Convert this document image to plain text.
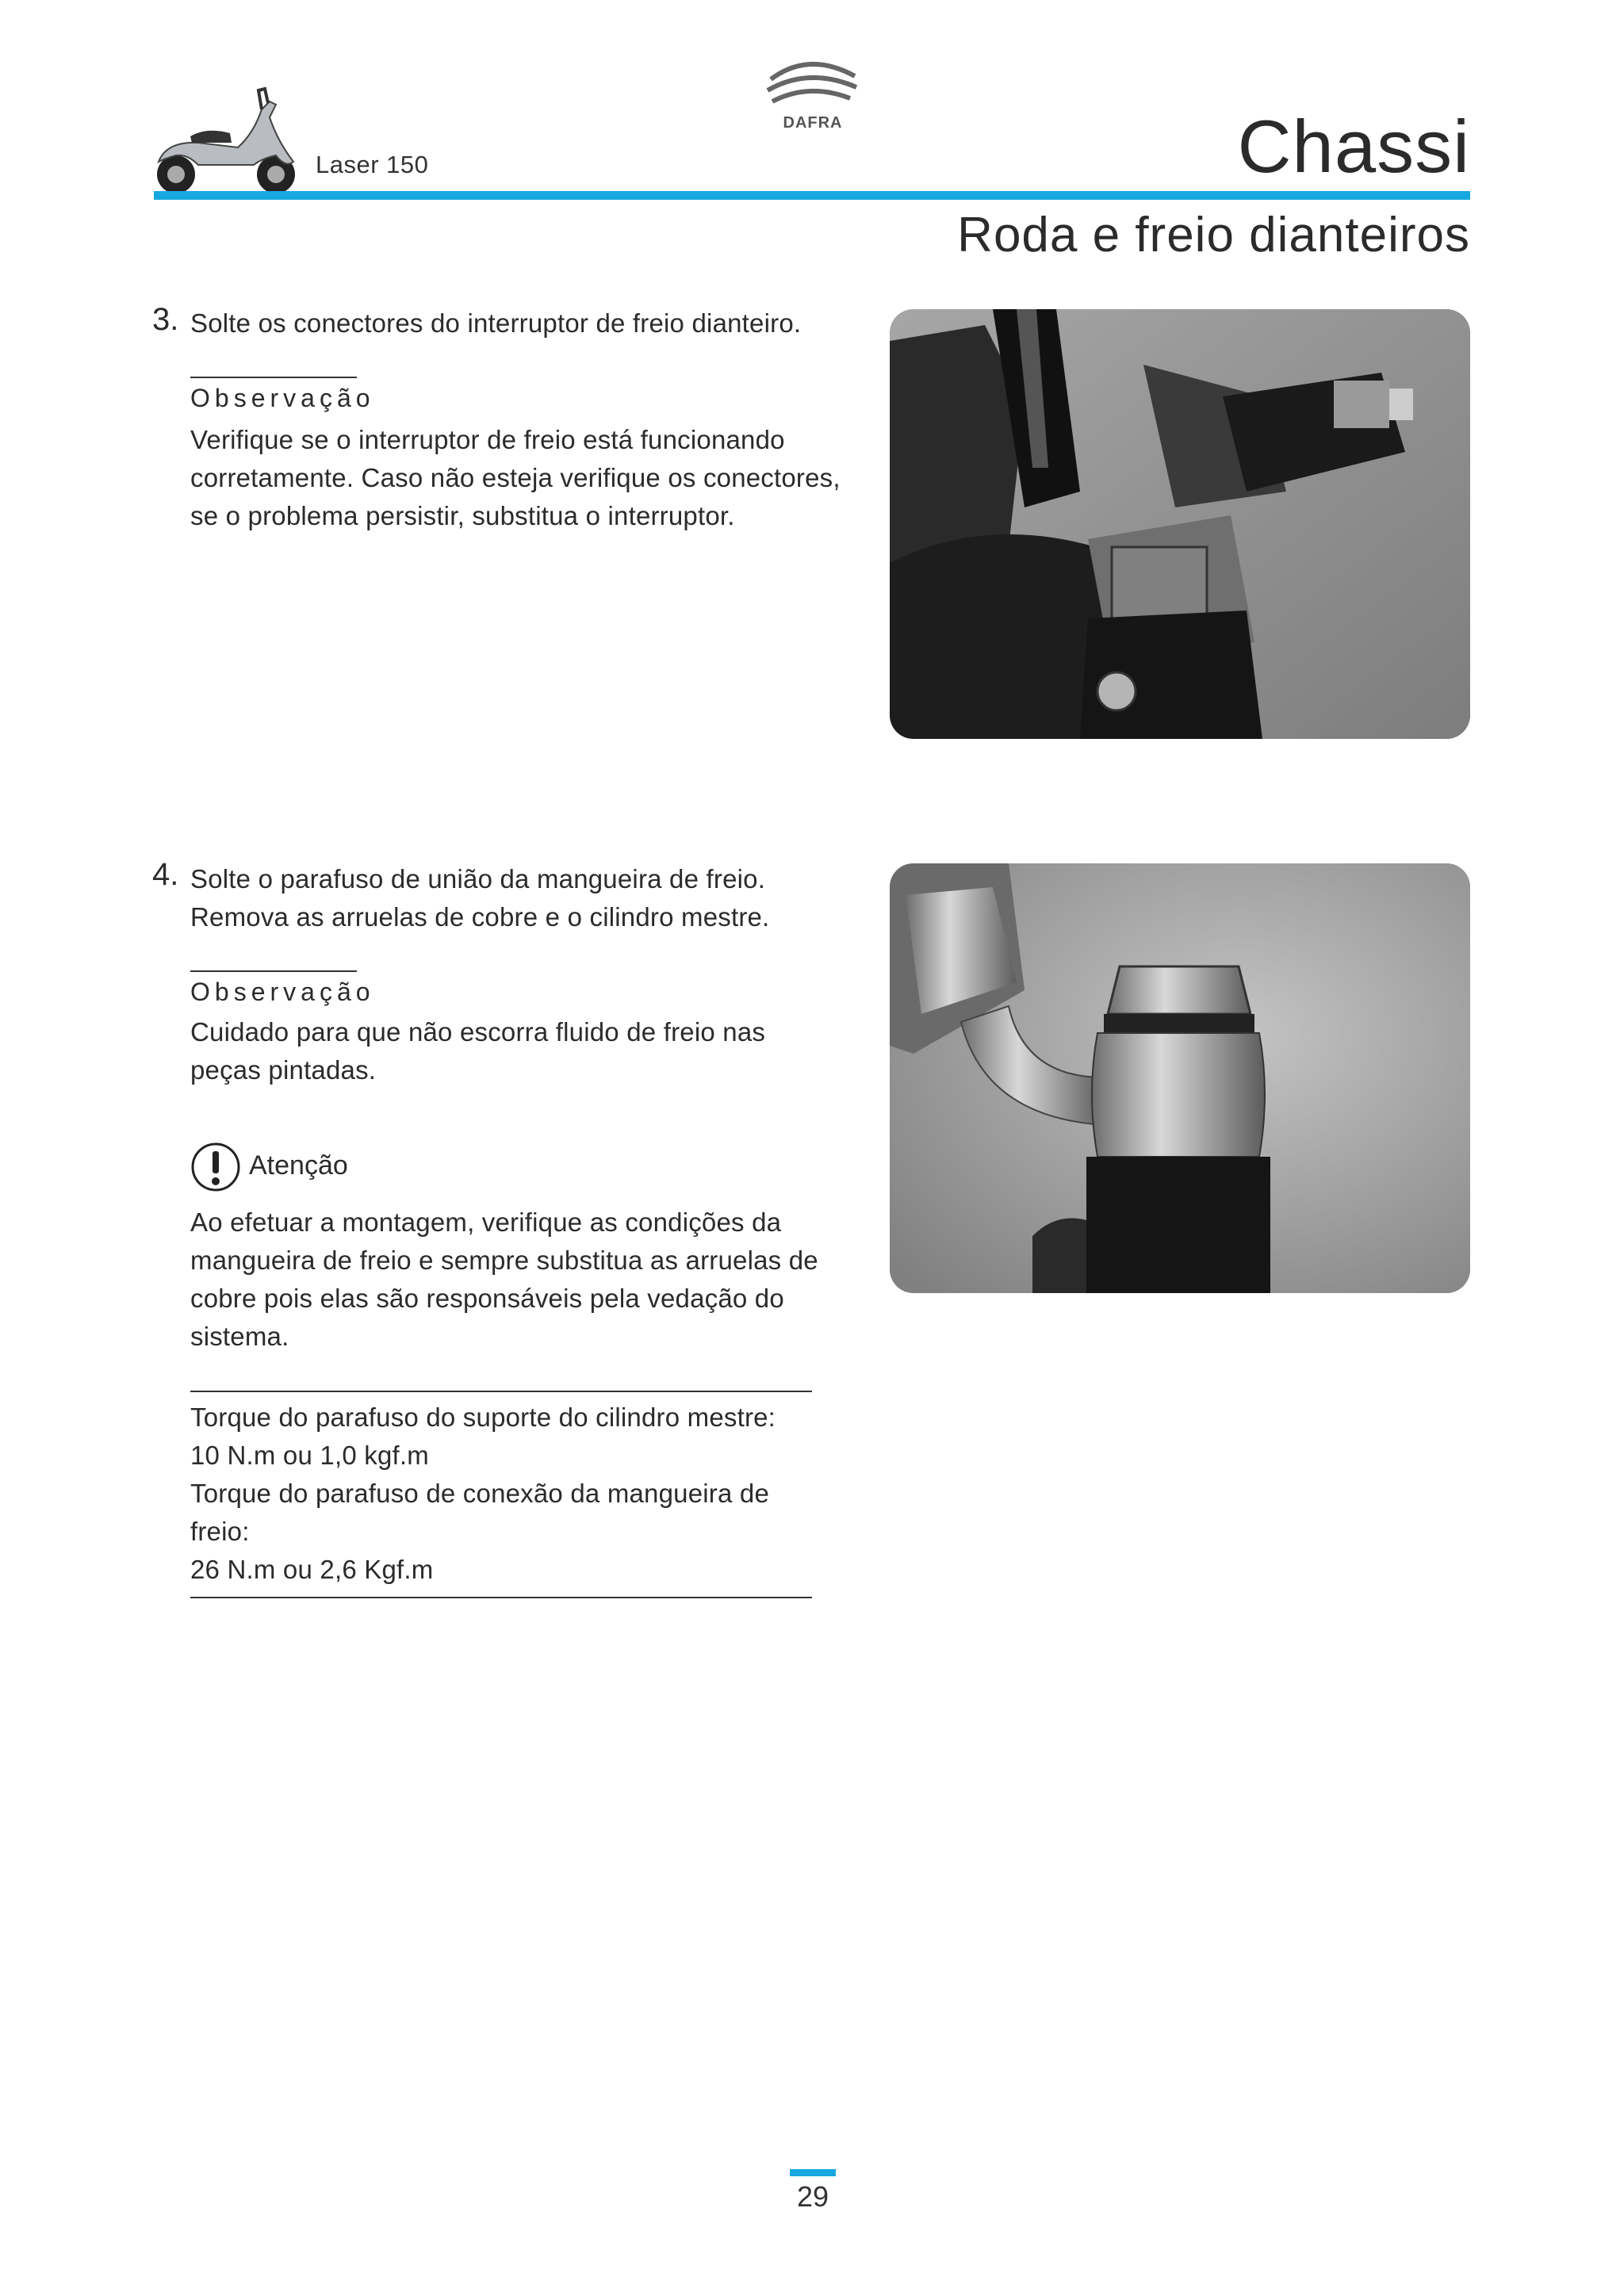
Laser 150
DAFRA	Chassi
Roda e freio dianteiros
3. Solte os conectores do interruptor de freio dianteiro.
Observação
Verifique se o interruptor de freio está funcionando corretamente. Caso não esteja verifique os conectores, se o problema persistir, substitua o interruptor.
4. Solte o parafuso de união da mangueira de freio. Remova as arruelas de cobre e o cilindro mestre.
Observação
Cuidado para que não escorra fluido de freio nas peças pintadas.
Atenção
Ao efetuar a montagem, verifique as condições da mangueira de freio e sempre substitua as arruelas de cobre pois elas são responsáveis pela vedação do sistema.
Torque do parafuso do suporte do cilindro mestre:
10 N.m ou 1,0 kgf.m
Torque do parafuso de conexão da mangueira de freio:
26 N.m ou 2,6 Kgf.m
29
